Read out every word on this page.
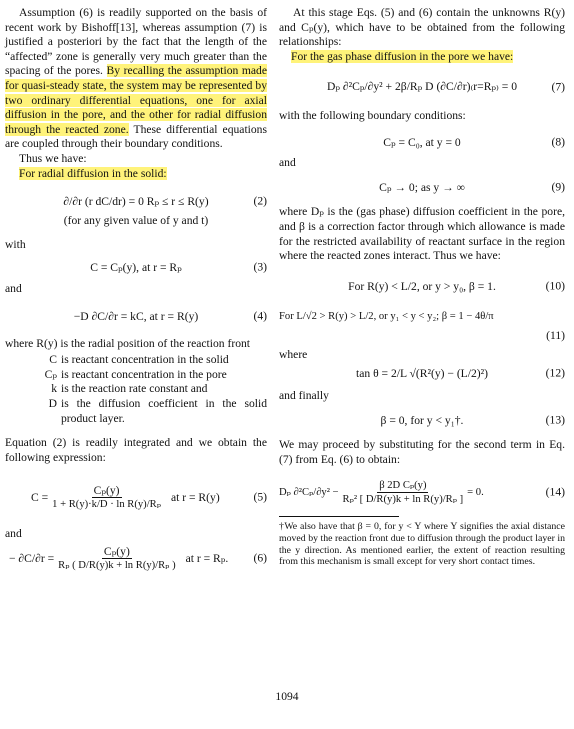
Assumption (6) is readily supported on the basis of recent work by Bishoff[13], whereas assumption (7) is justified a posteriori by the fact that the length of the “affected” zone is generally very much greater than the spacing of the pores. By recalling the assumption made for quasi-steady state, the system may be represented by two ordinary differential equations, one for axial diffusion in the pore, and the other for radial diffusion through the reacted zone. These differential equations are coupled through their boundary conditions.

Thus we have:

For radial diffusion in the solid:

∂/∂r (r dC/dr) = 0 Rₚ ≤ r ≤ R(y)	(2)
(for any given value of y and t)
with
C = Cₚ(y), at r = Rₚ	(3)
and
−D ∂C/∂r = kC, at r = R(y)	(4)
where R(y) is the radial position of the reaction front
C is reactant concentration in the solid
Cₚ is reactant concentration in the pore
k is the reaction rate constant and
D is the diffusion coefficient in the solid product layer.

Equation (2) is readily integrated and we obtain the following expression:

$C = \frac{\text{Cₚ(y)}}{\text{1 + R(y)·k/D · ln R(y)/Rₚ}}$ at r = R(y)	(5)
and
− $\partial C/\partial r = \frac{\text{Cₚ(y)}}{\text{Rₚ ( D/R(y)k + ln R(y)/Rₚ )}}$ at r = Rₚ. (6)

At this stage Eqs. (5) and (6) contain the unknowns R(y) and Cₚ(y), which have to be obtained from the following relationships:

For the gas phase diffusion in the pore we have:

Dₚ ∂²Cₚ/∂y² + 2β/Rₚ D (∂C/∂r)₍r=Rₚ₎ = 0	(7)
with the following boundary conditions:
Cₚ = C₀, at y = 0	(8)
and
Cₚ → 0; as y → ∞	(9)

where Dₚ is the (gas phase) diffusion coefficient in the pore, and β is a correction factor through which allowance is made for the restricted availability of reactant surface in the region where the reacted zones interact. Thus we have:

For R(y) < L/2, or y > y₀, β = 1.	(10)
For L/√2 > R(y) > L/2, or y₁ < y < y₂; β = 1 − 4θ/π
(11)
where
tan θ = 2/L √(R²(y) − (L/2)²)	(12)
and finally
β = 0, for y < y₁†.	(13)

We may proceed by substituting for the second term in Eq. (7) from Eq. (6) to obtain:

Dₚ $\partial^2C_p/\partial y^2 - \frac{\text{β 2D Cₚ(y)}}{\text{Rₚ² [ D/R(y)k + ln R(y)/Rₚ ]}} = 0$.	(14)
†We also have that β = 0, for y < Y where Y signifies the axial distance moved by the reaction front due to diffusion through the product layer in the y direction. As mentioned earlier, the extent of reaction resulting from this mechanism is small except for very short contact times.
1094
